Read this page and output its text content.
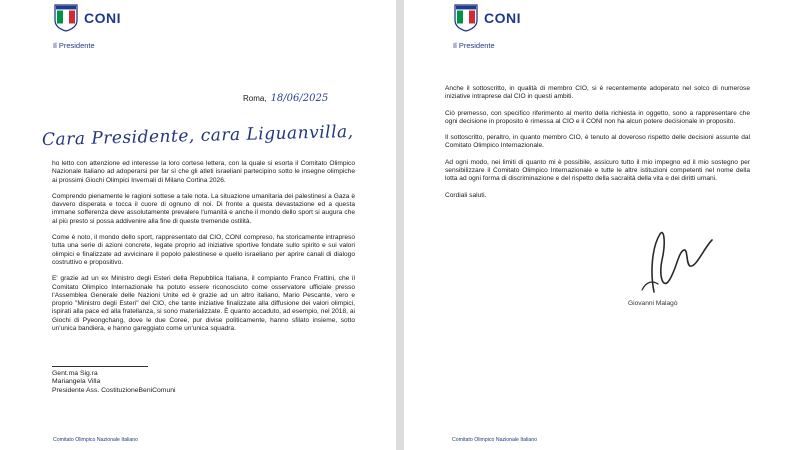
CONI
Il Presidente
Roma, 18/06/2025
Cara Presidente, cara Liguanvilla,

ho letto con attenzione ed interesse la loro cortese lettera, con la quale si esorta il Comitato Olimpico Nazionale Italiano ad adoperarsi per far sì che gli atleti israeliani partecipino sotto le insegne olimpiche ai prossimi Giochi Olimpici Invernali di Milano Cortina 2026.

Comprendo pienamente le ragioni sottese a tale nota. La situazione umanitaria dei palestinesi a Gaza è davvero disperata e tocca il cuore di ognuno di noi. Di fronte a questa devastazione ed a questa immane sofferenza deve assolutamente prevalere l'umanità e anche il mondo dello sport si augura che al più presto si possa addivenire alla fine di queste tremende ostilità.

Come è noto, il mondo dello sport, rappresentato dal CIO, CONI compreso, ha storicamente intrapreso tutta una serie di azioni concrete, legate proprio ad iniziative sportive fondate sullo spirito e sui valori olimpici e finalizzate ad avvicinare il popolo palestinese e quello israeliano per aprire canali di dialogo costruttivo e propositivo.

E' grazie ad un ex Ministro degli Esteri della Repubblica Italiana, il compianto Franco Frattini, che il Comitato Olimpico Internazionale ha potuto essere riconosciuto come osservatore ufficiale presso l'Assemblea Generale delle Nazioni Unite ed è grazie ad un altro italiano, Mario Pescante, vero e proprio "Ministro degli Esteri" del CIO, che tante iniziative finalizzate alla diffusione dei valori olimpici, ispirati alla pace ed alla fratellanza, si sono materializzate. È quanto accaduto, ad esempio, nel 2018, ai Giochi di Pyeongchang, dove le due Coree, pur divise politicamente, hanno sfilato insieme, sotto un'unica bandiera, e hanno gareggiato come un'unica squadra.

Gent.ma Sig.ra
Mariangela Villa
Presidente Ass. CostituzioneBeniComuni
Comitato Olimpico Nazionale Italiano
CONI
Il Presidente

Anche il sottoscritto, in qualità di membro CIO, si è recentemente adoperato nel solco di numerose iniziative intraprese dal CIO in questi ambiti.

Ciò premesso, con specifico riferimento al merito della richiesta in oggetto, sono a rappresentare che ogni decisione in proposito è rimessa al CIO e il CONI non ha alcun potere decisionale in proposito.

Il sottoscritto, peraltro, in quanto membro CIO, è tenuto al doveroso rispetto delle decisioni assunte dal Comitato Olimpico Internazionale.

Ad ogni modo, nei limiti di quanto mi è possibile, assicuro tutto il mio impegno ed il mio sostegno per sensibilizzare il Comitato Olimpico Internazionale e tutte le altre istituzioni competenti nel nome della lotta ad ogni forma di discriminazione e del rispetto della sacralità della vita e dei diritti umani.

Cordiali saluti.

Giovanni Malagò
Comitato Olimpico Nazionale Italiano
